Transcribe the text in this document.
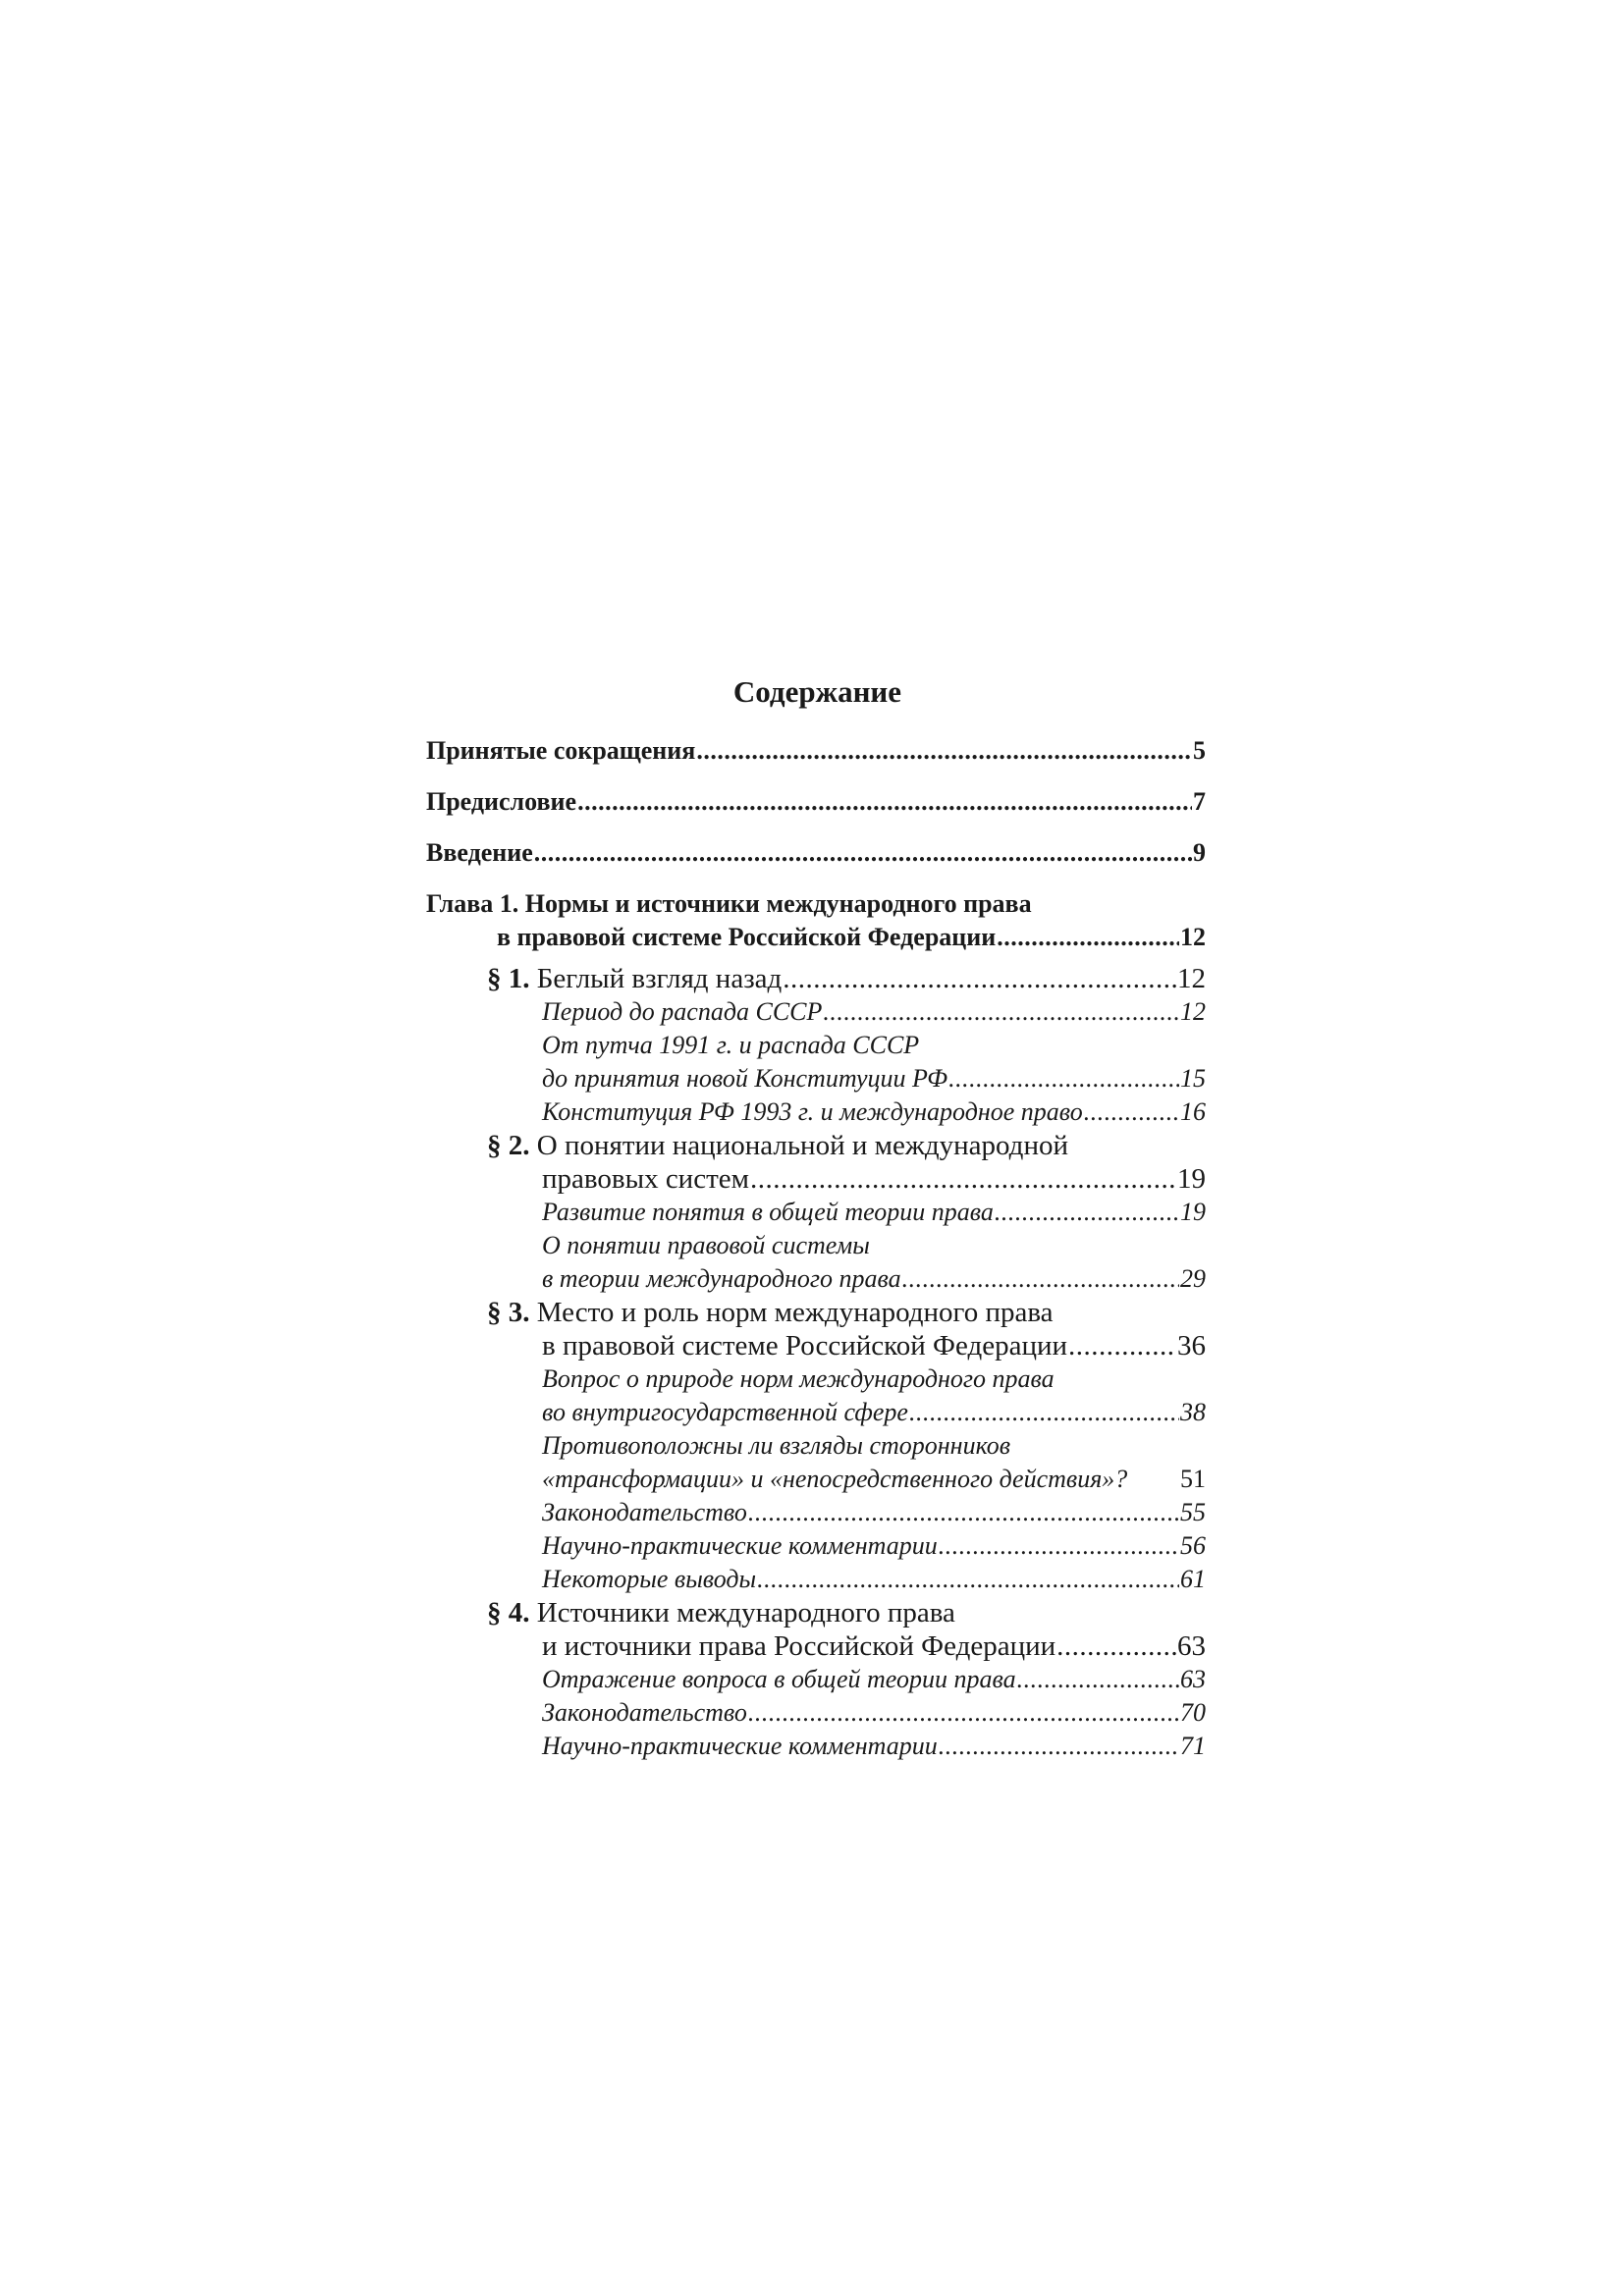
Содержание
Принятые сокращения .....	5
Предисловие .....	7
Введение .....	9
Глава 1. Нормы и источники международного права
в правовой системе Российской Федерации .....	12
§ 1. Беглый взгляд назад .....	12
Период до распада СССР .....	12
От путча 1991 г. и распада СССР
до принятия новой Конституции РФ .....	15
Конституция РФ 1993 г. и международное право .....	16
§ 2. О понятии национальной и международной
правовых систем .....	19
Развитие понятия в общей теории права .....	19
О понятии правовой системы
в теории международного права .....	29
§ 3. Место и роль норм международного права
в правовой системе Российской Федерации .....	36
Вопрос о природе норм международного права
во внутригосударственной сфере .....	38
Противоположны ли взгляды сторонников
«трансформации» и «непосредственного действия»? 51
Законодательство .....	55
Научно-практические комментарии .....	56
Некоторые выводы .....	61
§ 4. Источники международного права
и источники права Российской Федерации .....	63
Отражение вопроса в общей теории права .....	63
Законодательство .....	70
Научно-практические комментарии .....	71
